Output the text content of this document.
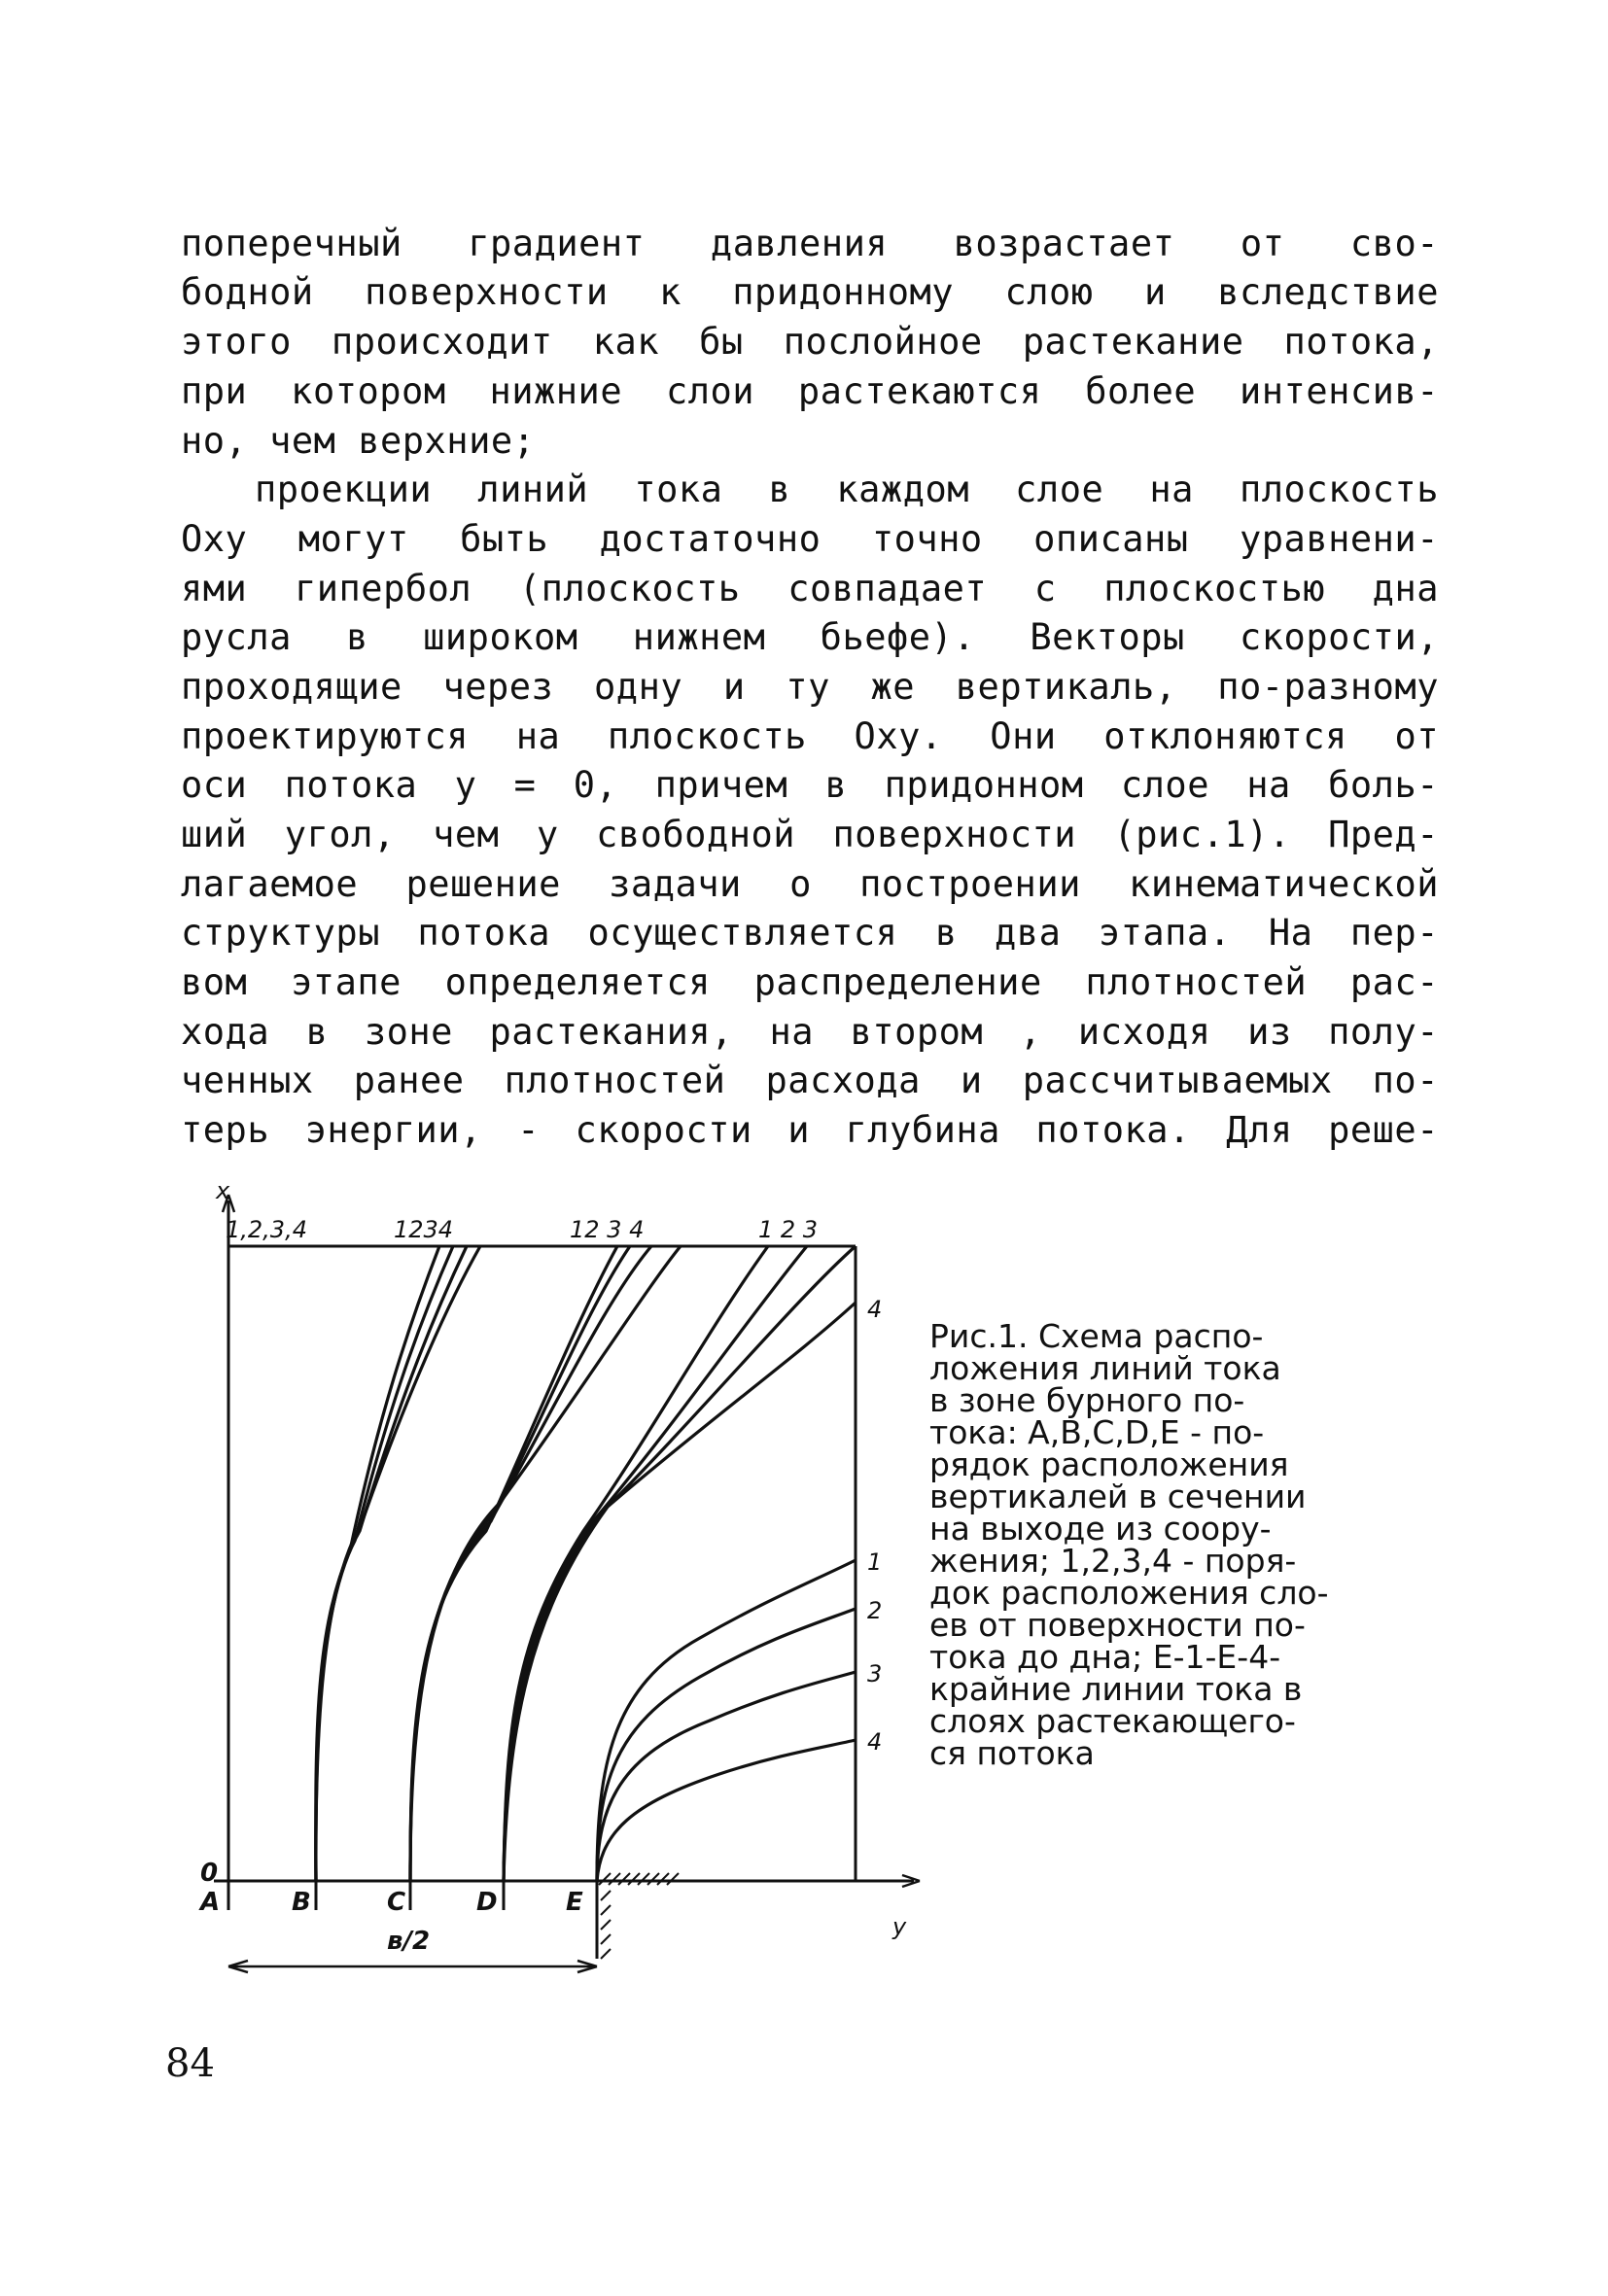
поперечный градиент давления возрастает от сво-
бодной поверхности к придонному слою и вследствие
этого происходит как бы послойное растекание потока,
при котором нижние слои растекаются более интенсив-
но, чем верхние;
проекции линий тока в каждом слое на плоскость
Oxy могут быть достаточно точно описаны уравнени-
ями гипербол (плоскость совпадает с плоскостью дна
русла в широком нижнем бьефе). Векторы скорости,
проходящие через одну и ту же вертикаль, по-разному
проектируются на плоскость Oxy. Они отклоняются от
оси потока y = 0, причем в придонном слое на боль-
ший угол, чем у свободной поверхности (рис.1). Пред-
лагаемое решение задачи о построении кинематической
структуры потока осуществляется в два этапа. На пер-
вом этапе определяется распределение плотностей рас-
хода в зоне растекания, на втором , исходя из полу-
ченных ранее плотностей расхода и рассчитываемых по-
терь энергии, - скорости и глубина потока. Для реше-
x
y
0
A	B	C	D	E
в/2
1,2,3,4	1234	12 3 4	1 2 3
4
1
2
3
4
Рис.1. Схема распо-
ложения линий тока
в зоне бурного по-
тока: A,B,C,D,E - по-
рядок расположения
вертикалей в сечении
на выходе из соору-
жения; 1,2,3,4 - поря-
док расположения сло-
ев от поверхности по-
тока до дна; E-1-E-4-
крайние линии тока в
слоях растекающего-
ся потока
84
